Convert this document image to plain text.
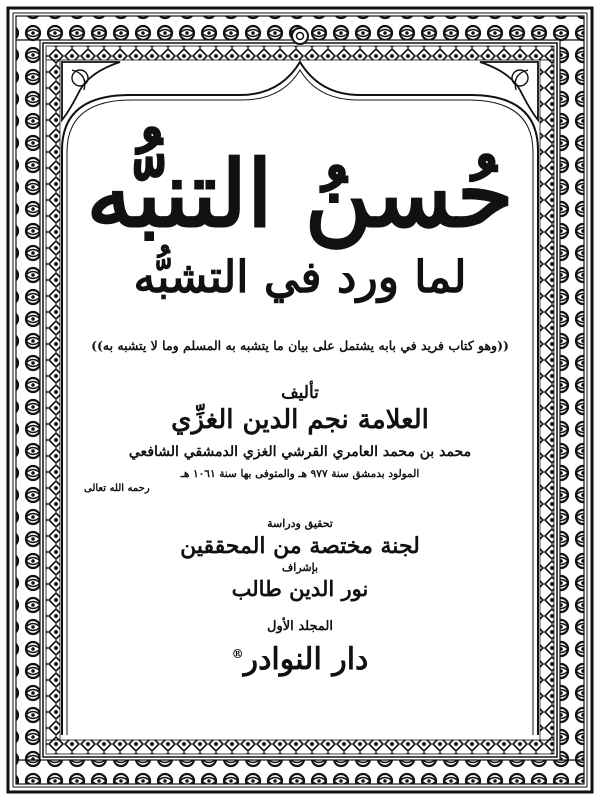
حُسنُ التنبُّه
لما ورد في التشبُّه
((وهو كتاب فريد في بابه يشتمل على بيان ما يتشبه به المسلم وما لا يتشبه به))
تأليف
العلامة نجم الدين الغزِّي
محمد بن محمد العامري القرشي الغزي الدمشقي الشافعي
المولود بدمشق سنة ٩٧٧ هـ والمتوفى بها سنة ١٠٦١ هـ
رحمه الله تعالى
تحقيق ودراسة
لجنة مختصة من المحققين
بإشراف
نور الدين طالب
المجلد الأول
دار النوادر®
